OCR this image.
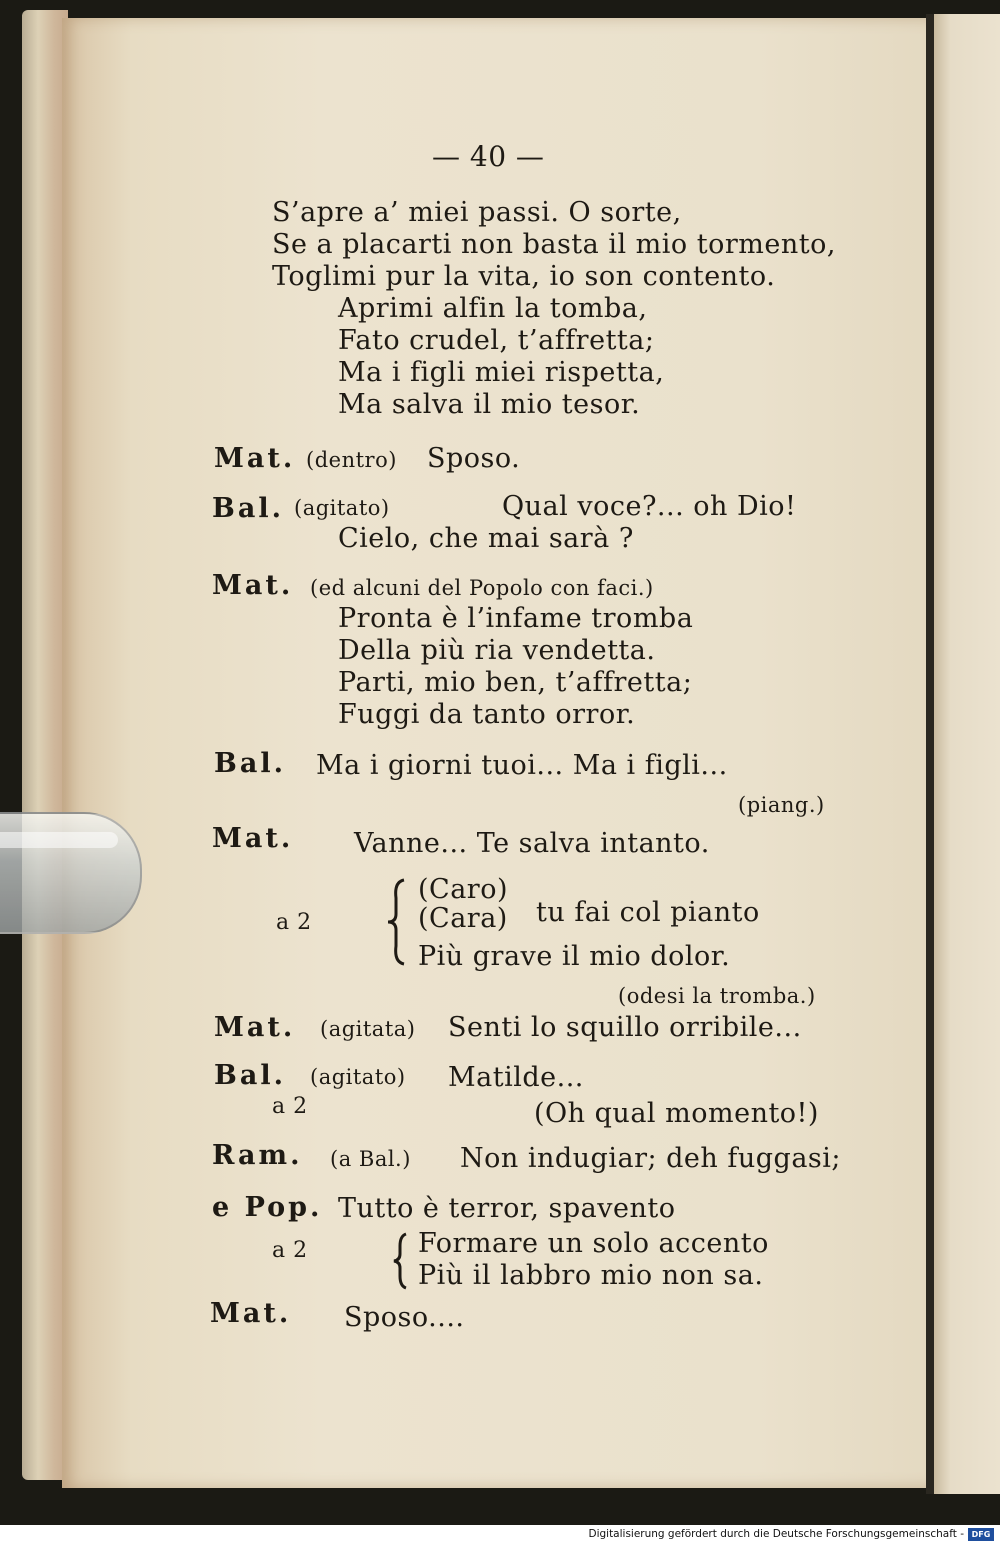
— 40 —
S’apre a’ miei passi. O sorte,
Se a placarti non basta il mio tormento,
Toglimi pur la vita, io son contento.
Aprimi alfin la tomba,
Fato crudel, t’affretta;
Ma i figli miei rispetta,
Ma salva il mio tesor.
Mat. (dentro) Sposo.
Bal. (agitato)	Qual voce?... oh Dio!
Cielo, che mai sarà ?
Mat. (ed alcuni del Popolo con faci.)
Pronta è l’infame tromba
Della più ria vendetta.
Parti, mio ben, t’affretta;
Fuggi da tanto orror.
Bal. Ma i giorni tuoi... Ma i figli...
(piang.)
Mat. Vanne... Te salva intanto.
a 2
(Caro)
(Cara) tu fai col pianto
Più grave il mio dolor.
(odesi la tromba.)
Mat. (agitata) Senti lo squillo orribile...
Bal. (agitato) Matilde...
a 2	(Oh qual momento!)
Ram. (a Bal.) Non indugiar; deh fuggasi;
e Pop. Tutto è terror, spavento
a 2	Formare un solo accento
Più il labbro mio non sa.
Mat. Sposo....
Digitalisierung gefördert durch die Deutsche Forschungsgemeinschaft - DFG
